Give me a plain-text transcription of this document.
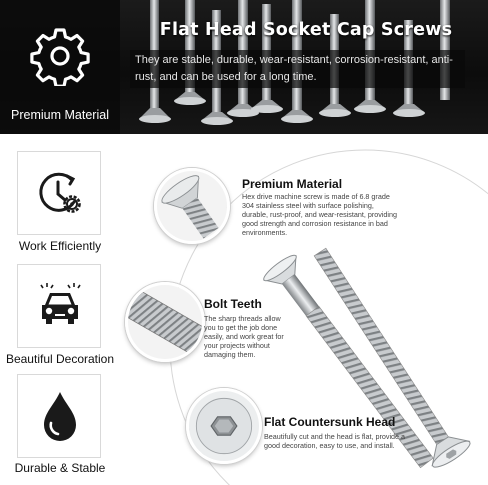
Premium Material
Flat Head Socket Cap Screws
They are stable, durable, wear-resistant, corrosion-resistant, anti-rust, and can be used for a long time.
Work Efficiently
Beautiful Decoration
Durable & Stable
Premium Material
Hex drive machine screw is made of 6.8 grade 304 stainless steel with surface polishing, durable, rust-proof, and wear-resistant, providing good strength and corrosion resistance in bad environments.
Bolt Teeth
The sharp threads allow you to get the job done easily, and work great for your projects without damaging them.
Flat Countersunk Head
Beautifully cut and the head is flat, provide a good decoration, easy to use, and install.
